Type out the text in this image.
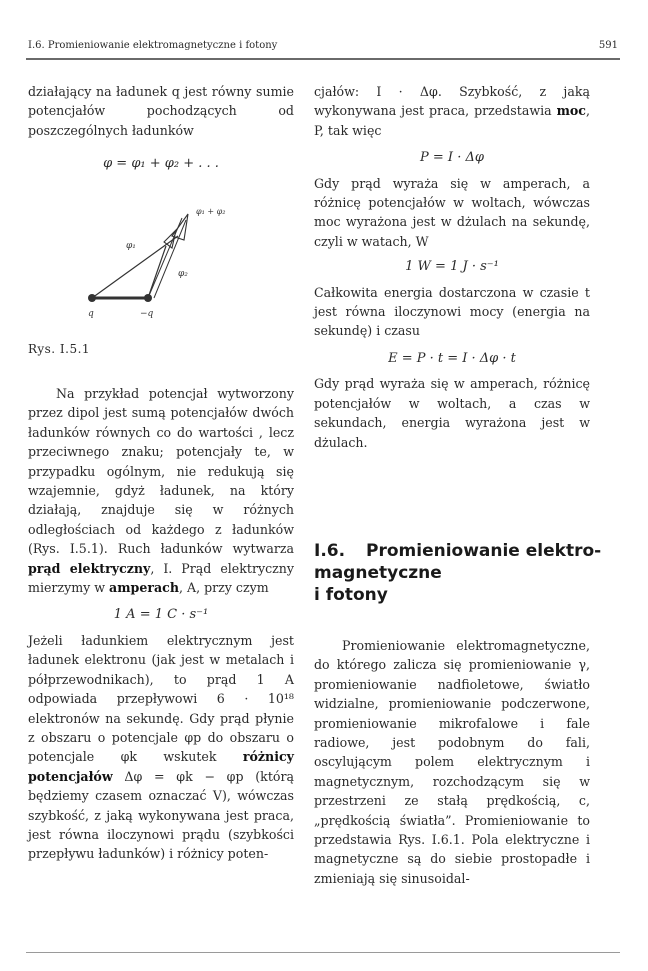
I.6. Promieniowanie elektromagnetyczne i fotony	591

działający na ładunek q jest równy sumie potencjałów pochodzących od poszczególnych ładunków

φ = φ₁ + φ₂ + . . .
φ₁ + φ₂
φ₁
φ₂
q	−q
Rys. I.5.1

Na przykład potencjał wytworzony przez dipol jest sumą potencjałów dwóch ładunków równych co do wartości , lecz przeciwnego znaku; potencjały te, w przypadku ogólnym, nie redukują się wzajemnie, gdyż ładunek, na który działają, znajduje się w różnych odległościach od każdego z ładunków (Rys. I.5.1). Ruch ładunków wytwarza prąd elektryczny, I. Prąd elektryczny mierzymy w amperach, A, przy czym

1 A = 1 C · s⁻¹

Jeżeli ładunkiem elektrycznym jest ładunek elektronu (jak jest w metalach i półprzewodnikach), to prąd 1 A odpowiada przepływowi 6 · 10¹⁸ elektronów na sekundę. Gdy prąd płynie z obszaru o potencjale φp do obszaru o potencjale φk wskutek różnicy potencjałów Δφ = φk − φp (którą będziemy czasem oznaczać V), wówczas szybkość, z jaką wykonywana jest praca, jest równa iloczynowi prądu (szybkości przepływu ładunków) i różnicy poten-

cjałów: I · Δφ. Szybkość, z jaką wykonywana jest praca, przedstawia moc, P, tak więc

P = I · Δφ

Gdy prąd wyraża się w amperach, a różnicę potencjałów w woltach, wówczas moc wyrażona jest w dżulach na sekundę, czyli w watach, W

1 W = 1 J · s⁻¹

Całkowita energia dostarczona w czasie t jest równa iloczynowi mocy (energia na sekundę) i czasu

E = P · t = I · Δφ · t

Gdy prąd wyraża się w amperach, różnicę potencjałów w woltach, a czas w sekundach, energia wyrażona jest w dżulach.

I.6. Promieniowanie elektro-
magnetyczne
i fotony

Promieniowanie elektromagnetyczne, do którego zalicza się promieniowanie γ, promieniowanie nadfioletowe, światło widzialne, promieniowanie podczerwone, promieniowanie mikrofalowe i fale radiowe, jest podobnym do fali, oscylującym polem elektrycznym i magnetycznym, rozchodzącym się w przestrzeni ze stałą prędkością, c, „prędkością światła”. Promieniowanie to przedstawia Rys. I.6.1. Pola elektryczne i magnetyczne są do siebie prostopadłe i zmieniają się sinusoidal-
